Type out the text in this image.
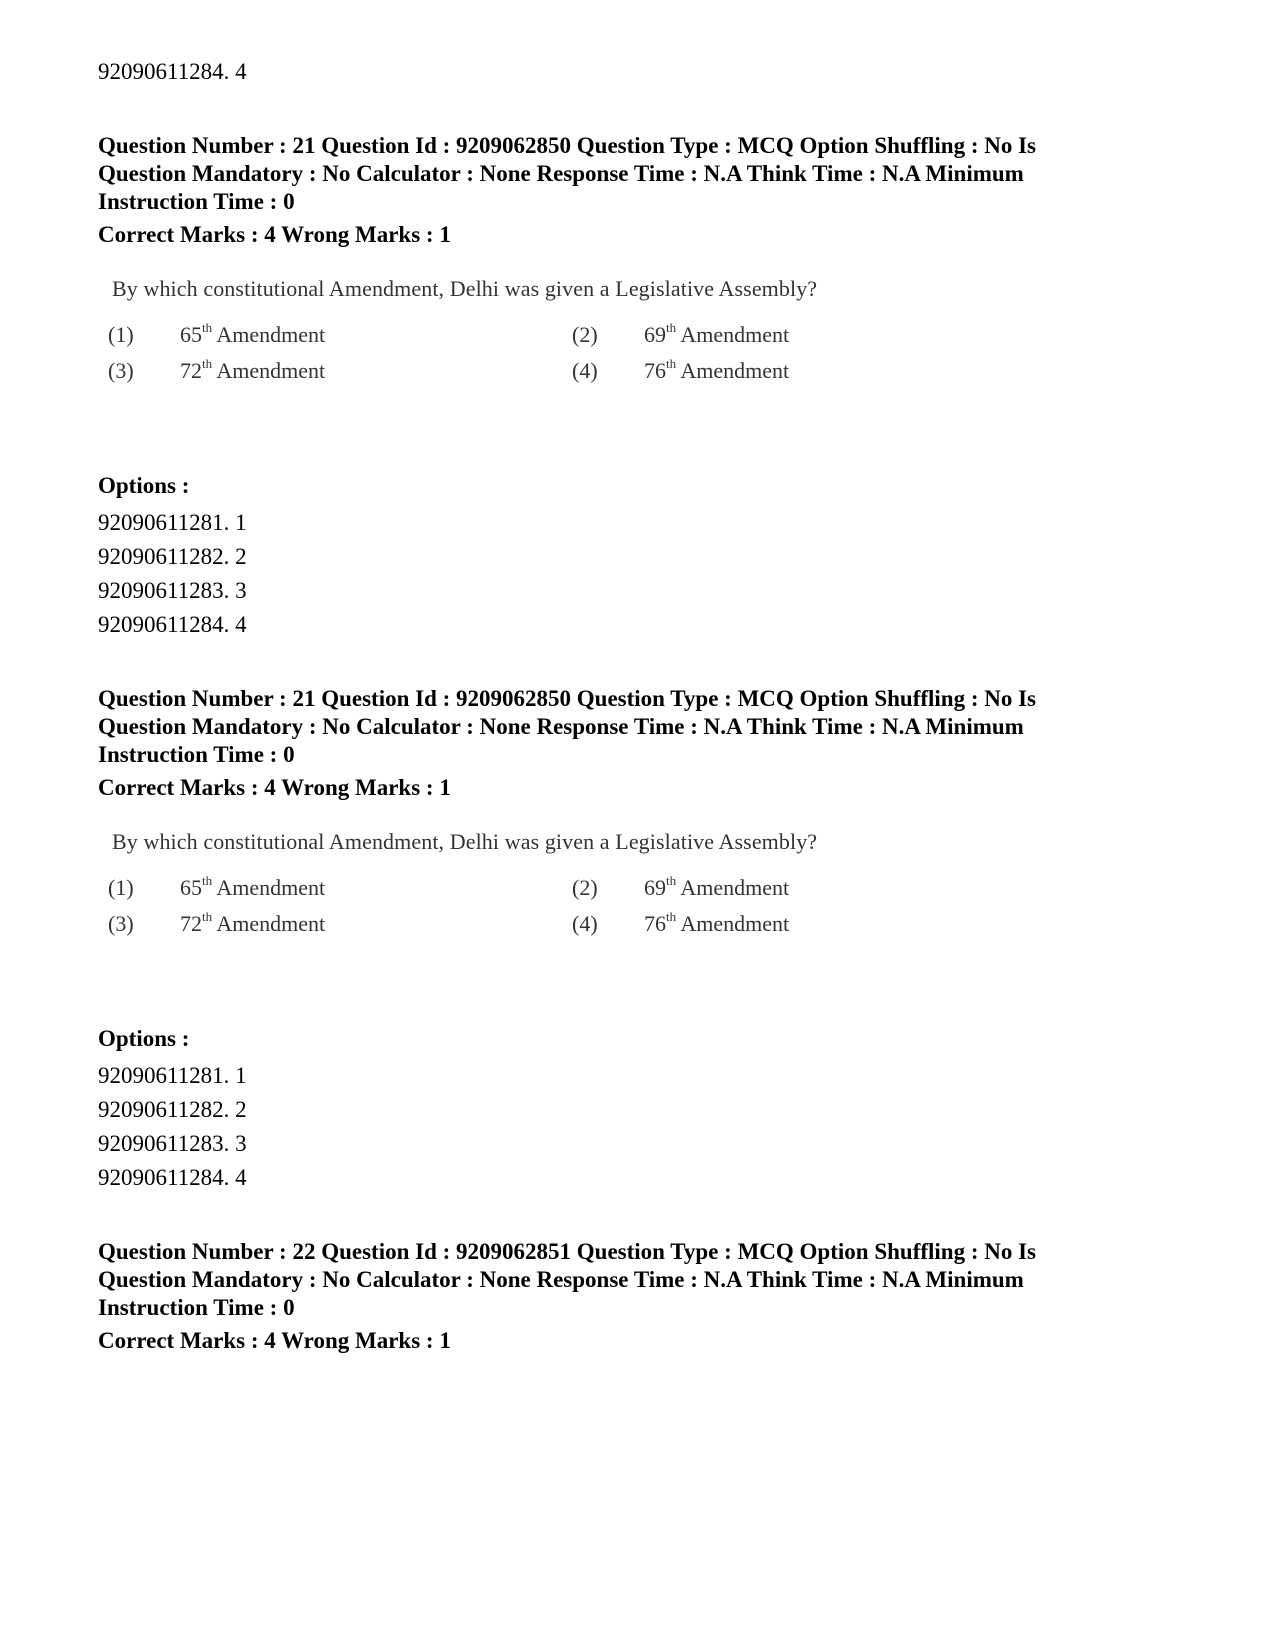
92090611284. 4
Question Number : 21 Question Id : 9209062850 Question Type : MCQ Option Shuffling : No Is
Question Mandatory : No Calculator : None Response Time : N.A Think Time : N.A Minimum
Instruction Time : 0
Correct Marks : 4 Wrong Marks : 1
By which constitutional Amendment, Delhi was given a Legislative Assembly?
(1) 65th Amendment	(2) 69th Amendment
(3) 72th Amendment	(4) 76th Amendment
Options :
92090611281. 1
92090611282. 2
92090611283. 3
92090611284. 4
Question Number : 21 Question Id : 9209062850 Question Type : MCQ Option Shuffling : No Is
Question Mandatory : No Calculator : None Response Time : N.A Think Time : N.A Minimum
Instruction Time : 0
Correct Marks : 4 Wrong Marks : 1
By which constitutional Amendment, Delhi was given a Legislative Assembly?
(1) 65th Amendment	(2) 69th Amendment
(3) 72th Amendment	(4) 76th Amendment
Options :
92090611281. 1
92090611282. 2
92090611283. 3
92090611284. 4
Question Number : 22 Question Id : 9209062851 Question Type : MCQ Option Shuffling : No Is
Question Mandatory : No Calculator : None Response Time : N.A Think Time : N.A Minimum
Instruction Time : 0
Correct Marks : 4 Wrong Marks : 1
